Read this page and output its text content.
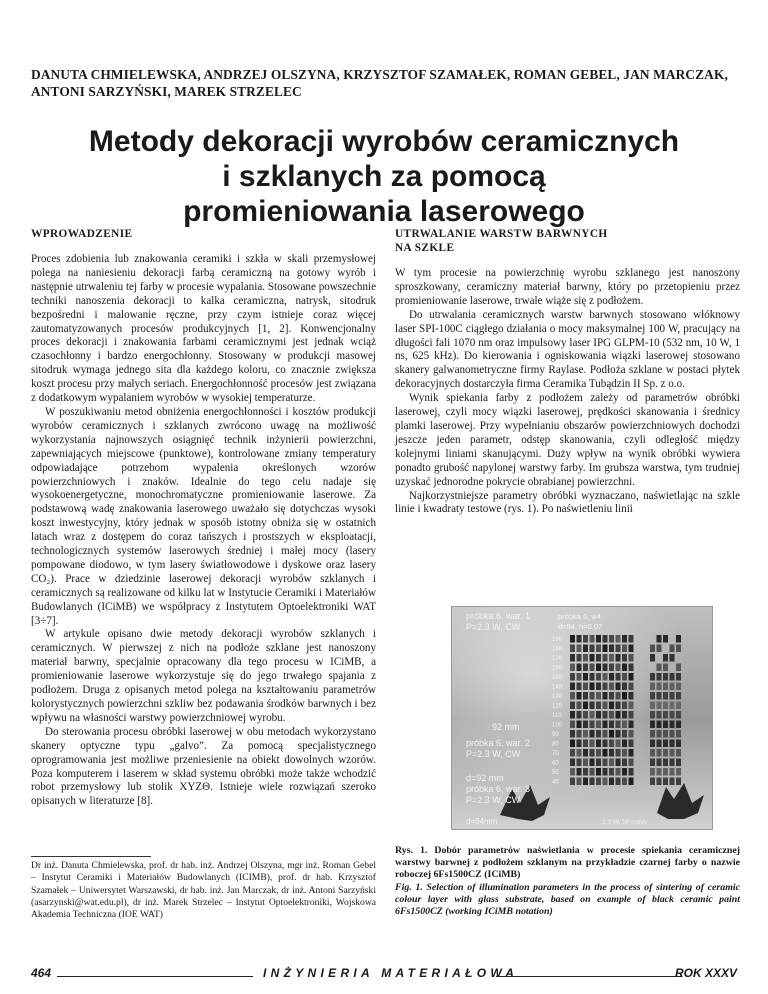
DANUTA CHMIELEWSKA, ANDRZEJ OLSZYNA, KRZYSZTOF SZAMAŁEK, ROMAN GEBEL, JAN MARCZAK, ANTONI SARZYŃSKI, MAREK STRZELEC
Metody dekoracji wyrobów ceramicznych
i szklanych za pomocą
promieniowania laserowego
WPROWADZENIE

Proces zdobienia lub znakowania ceramiki i szkła w skali przemysłowej polega na naniesieniu dekoracji farbą ceramiczną na gotowy wyrób i następnie utrwaleniu tej farby w procesie wypalania. Stosowane powszechnie techniki nanoszenia dekoracji to kalka ceramiczna, natrysk, sitodruk bezpośredni i malowanie ręczne, przy czym istnieje coraz więcej zautomatyzowanych procesów produkcyjnych [1, 2]. Konwencjonalny proces dekoracji i znakowania farbami ceramicznymi jest jednak wciąż czasochłonny i bardzo energochłonny. Stosowany w produkcji masowej sitodruk wymaga jednego sita dla każdego koloru, co znacznie zwiększa koszt procesu przy małych seriach. Energochłonność procesów jest związana z dodatkowym wypalaniem wyrobów w wysokiej temperaturze.

W poszukiwaniu metod obniżenia energochłonności i kosztów produkcji wyrobów ceramicznych i szklanych zwrócono uwagę na możliwość wykorzystania najnowszych osiągnięć technik inżynierii powierzchni, zapewniających miejscowe (punktowe), kontrolowane zmiany temperatury odpowiadające potrzebom wypalenia określonych wzorów powierzchniowych i znaków. Idealnie do tego celu nadaje się wysokoenergetyczne, monochromatyczne promieniowanie laserowe. Za podstawową wadę znakowania laserowego uważało się dotychczas wysoki koszt inwestycyjny, który jednak w sposób istotny obniża się w ostatnich latach wraz z dostępem do coraz tańszych i prostszych w eksploatacji, technologicznych systemów laserowych średniej i małej mocy (lasery pompowane diodowo, w tym lasery światłowodowe i dyskowe oraz lasery CO₂). Prace w dziedzinie laserowej dekoracji wyrobów szklanych i ceramicznych są realizowane od kilku lat w Instytucie Ceramiki i Materiałów Budowlanych (ICiMB) we współpracy z Instytutem Optoelektroniki WAT [3÷7].

W artykule opisano dwie metody dekoracji wyrobów szklanych i ceramicznych. W pierwszej z nich na podłoże szklane jest nanoszony materiał barwny, specjalnie opracowany dla tego procesu w ICiMB, a promieniowanie laserowe wykorzystuje się do jego trwałego spajania z podłożem. Druga z opisanych metod polega na kształtowaniu parametrów kolorystycznych powierzchni szkliw bez podawania środków barwnych i bez wpływu na własności warstwy powierzchniowej wyrobu.

Do sterowania procesu obróbki laserowej w obu metodach wykorzystano skanery optyczne typu „galvo”. Za pomocą specjalistycznego oprogramowania jest możliwe przeniesienie na obiekt dowolnych wzorów. Poza komputerem i laserem w skład systemu obróbki może także wchodzić robot przemysłowy lub stolik XYZΘ. Istnieje wiele rozwiązań szeroko opisanych w literaturze [8].

Dr inż. Danuta Chmielewska, prof. dr hab. inż. Andrzej Olszyna, mgr inż. Roman Gebel – Instytut Ceramiki i Materiałów Budowlanych (ICIMB), prof. dr hab. Krzysztof Szamałek – Uniwersytet Warszawski, dr hab. inż. Jan Marczak, dr inż. Antoni Sarzyński (asarzynski@wat.edu.pl), dr inż. Marek Strzelec – Instytut Optoelektroniki, Wojskowa Akademia Techniczna (IOE WAT)
UTRWALANIE WARSTW BARWNYCH
NA SZKLE

W tym procesie na powierzchnię wyrobu szklanego jest nanoszony sproszkowany, ceramiczny materiał barwny, który po przetopieniu przez promieniowanie laserowe, trwale wiąże się z podłożem.

Do utrwalania ceramicznych warstw barwnych stosowano włóknowy laser SPI-100C ciągłego działania o mocy maksymalnej 100 W, pracujący na długości fali 1070 nm oraz impulsowy laser IPG GLPM-10 (532 nm, 10 W, 1 ns, 625 kHz). Do kierowania i ogniskowania wiązki laserowej stosowano skanery galwanometryczne firmy Raylase. Podłoża szklane w postaci płytek dekoracyjnych dostarczyła firma Ceramika Tubądzin II Sp. z o.o.

Wynik spiekania farby z podłożem zależy od parametrów obróbki laserowej, czyli mocy wiązki laserowej, prędkości skanowania i średnicy plamki laserowej. Przy wypełnianiu obszarów powierzchniowych dochodzi jeszcze jeden parametr, odstęp skanowania, czyli odległość między kolejnymi liniami skanującymi. Duży wpływ na wynik obróbki wywiera ponadto grubość napylonej warstwy farby. Im grubsza warstwa, tym trudniej uzyskać jednorodne pokrycie obrabianej powierzchni.

Najkorzystniejsze parametry obróbki wyznaczano, naświetlając na szkle linie i kwadraty testowe (rys. 1). Po naświetleniu linii

próbka 6, war. 1
P=2.3 W, CW
próbka 6, w4
d=84, h=0.07
92 mm
próbka 6, war. 2
P=2.3 W, CW
d=92 mm
próbka 6, war. 3
P=2.3 W, CW
d=84mm	2.3 W, 50 mm/s
190
180
170
160
150
140
130
120
110
100
90
80
70
60
50
40
Rys. 1. Dobór parametrów naświetlania w procesie spiekania ceramicznej warstwy barwnej z podłożem szklanym na przykładzie czarnej farby o nazwie roboczej 6Fs1500CZ (ICiMB)
Fig. 1. Selection of illumination parameters in the process of sintering of ceramic colour layer with glass substrate, based on example of black ceramic paint 6Fs1500CZ (working ICiMB notation)
464	INŻYNIERIA MATERIAŁOWA	ROK XXXV
